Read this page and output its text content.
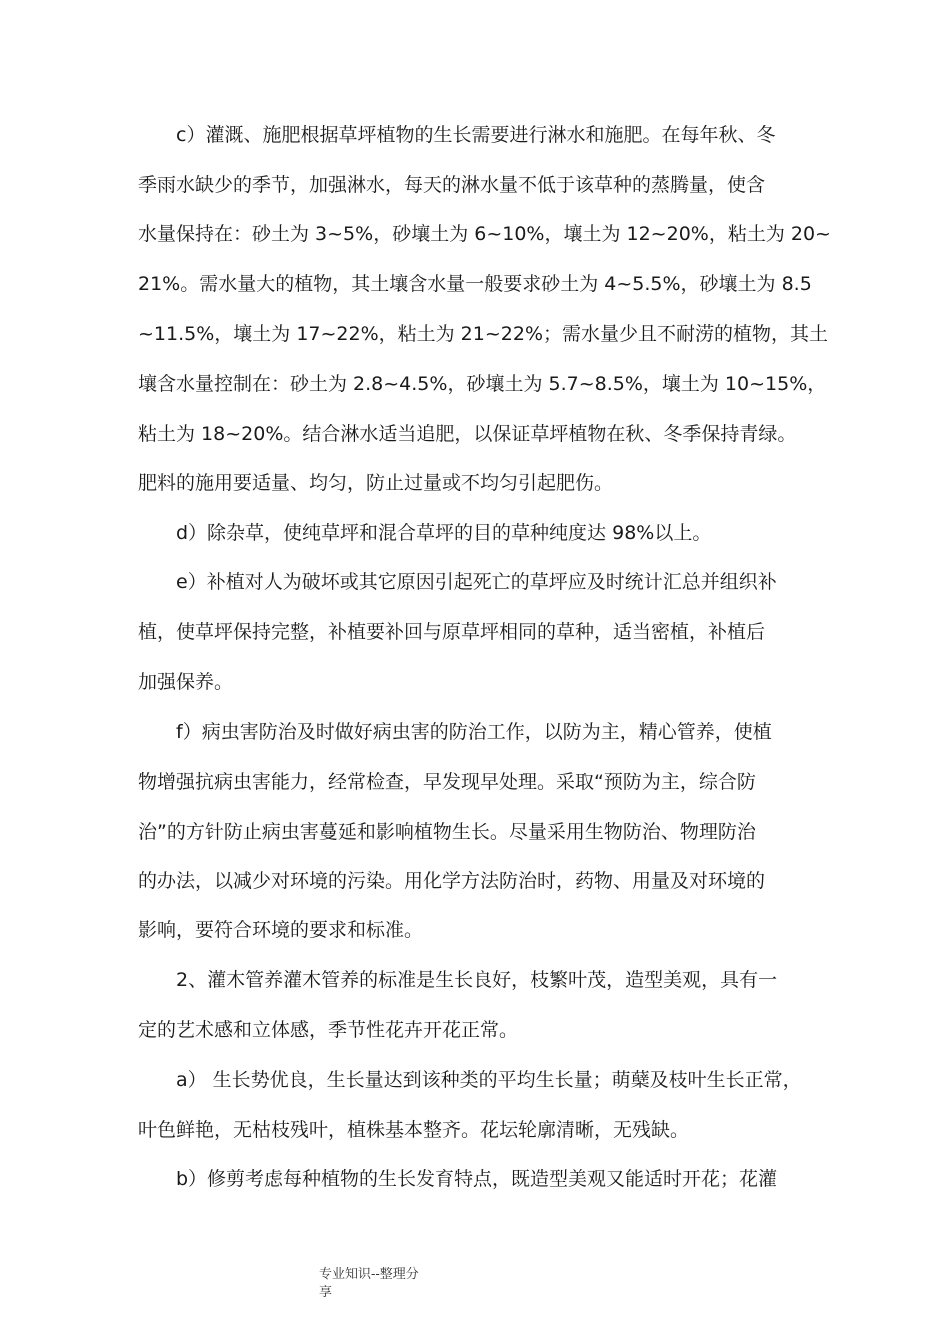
c）灌溉、施肥根据草坪植物的生长需要进行淋水和施肥。在每年秋、冬
季雨水缺少的季节，加强淋水，每天的淋水量不低于该草种的蒸腾量，使含
水量保持在：砂土为 3~5%，砂壤土为 6~10%，壤土为 12~20%，粘土为 20~
21%。需水量大的植物，其土壤含水量一般要求砂土为 4~5.5%，砂壤土为 8.5
~11.5%，壤土为 17~22%，粘土为 21~22%；需水量少且不耐涝的植物，其土
壤含水量控制在：砂土为 2.8~4.5%，砂壤土为 5.7~8.5%，壤土为 10~15%，
粘土为 18~20%。结合淋水适当追肥，以保证草坪植物在秋、冬季保持青绿。
肥料的施用要适量、均匀，防止过量或不均匀引起肥伤。
d）除杂草，使纯草坪和混合草坪的目的草种纯度达 98%以上。
e）补植对人为破坏或其它原因引起死亡的草坪应及时统计汇总并组织补
植，使草坪保持完整，补植要补回与原草坪相同的草种，适当密植，补植后
加强保养。
f）病虫害防治及时做好病虫害的防治工作，以防为主，精心管养，使植
物增强抗病虫害能力，经常检查，早发现早处理。采取“预防为主，综合防
治”的方针防止病虫害蔓延和影响植物生长。尽量采用生物防治、物理防治
的办法，以减少对环境的污染。用化学方法防治时，药物、用量及对环境的
影响，要符合环境的要求和标准。
2、灌木管养灌木管养的标准是生长良好，枝繁叶茂，造型美观，具有一
定的艺术感和立体感，季节性花卉开花正常。
a） 生长势优良，生长量达到该种类的平均生长量；萌蘖及枝叶生长正常，
叶色鲜艳，无枯枝残叶，植株基本整齐。花坛轮廓清晰，无残缺。
b）修剪考虑每种植物的生长发育特点，既造型美观又能适时开花；花灌
专业知识--整理分
享
